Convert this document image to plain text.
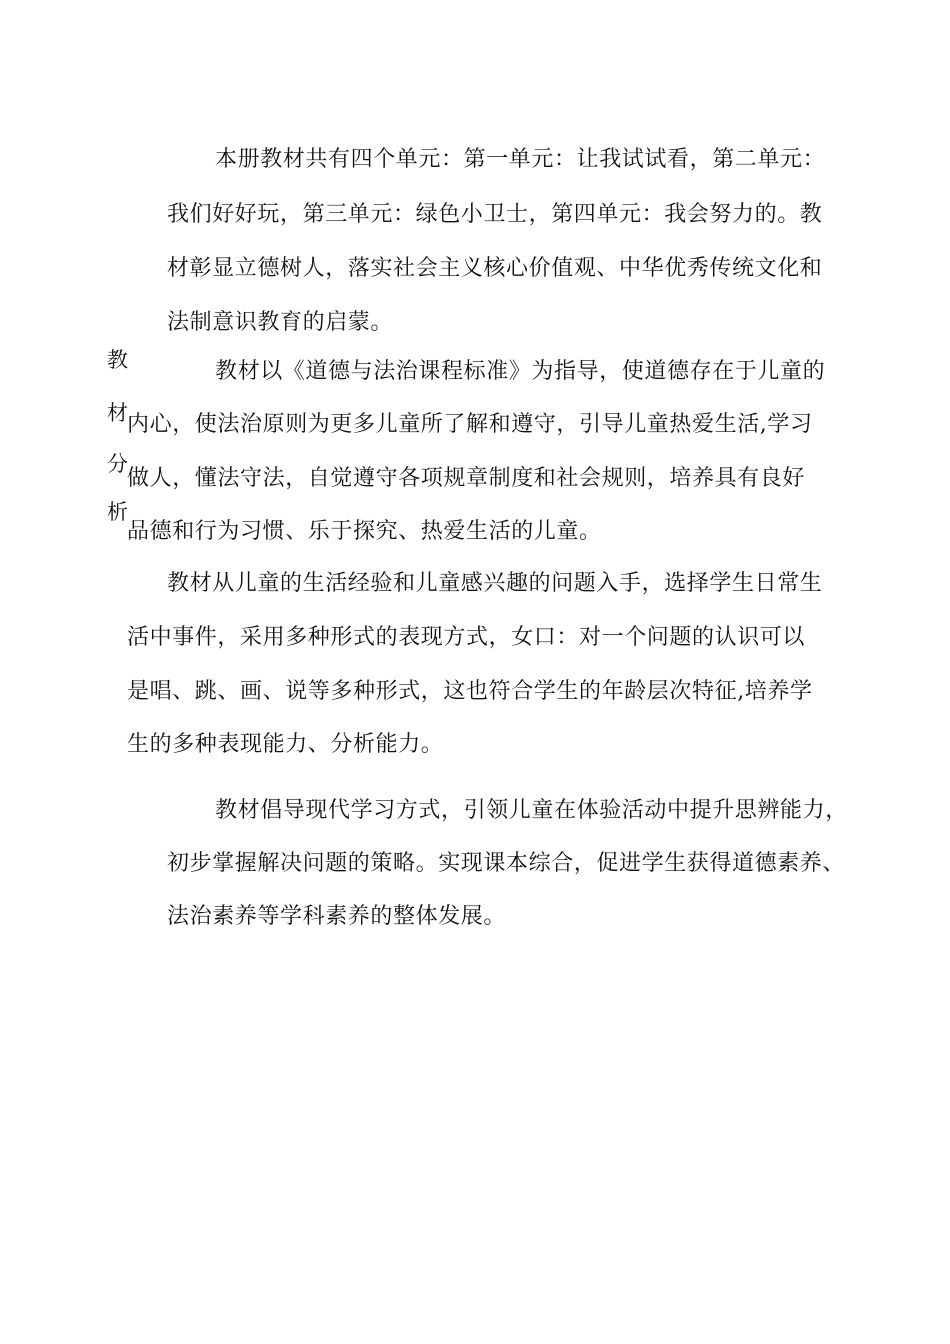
教
材
分
析
本册教材共有四个单元：第一单元：让我试试看，第二单元：
我们好好玩，第三单元：绿色小卫士，第四单元：我会努力的。教
材彰显立德树人，落实社会主义核心价值观、中华优秀传统文化和
法制意识教育的启蒙。
教材以《道德与法治课程标准》为指导，使道德存在于儿童的
内心，使法治原则为更多儿童所了解和遵守，引导儿童热爱生活,学习
做人，懂法守法，自觉遵守各项规章制度和社会规则，培养具有良好
品德和行为习惯、乐于探究、热爱生活的儿童。
教材从儿童的生活经验和儿童感兴趣的问题入手，选择学生日常生
活中事件，采用多种形式的表现方式，女口：对一个问题的认识可以
是唱、跳、画、说等多种形式，这也符合学生的年龄层次特征,培养学
生的多种表现能力、分析能力。
教材倡导现代学习方式，引领儿童在体验活动中提升思辨能力，
初步掌握解决问题的策略。实现课本综合，促进学生获得道德素养、
法治素养等学科素养的整体发展。
